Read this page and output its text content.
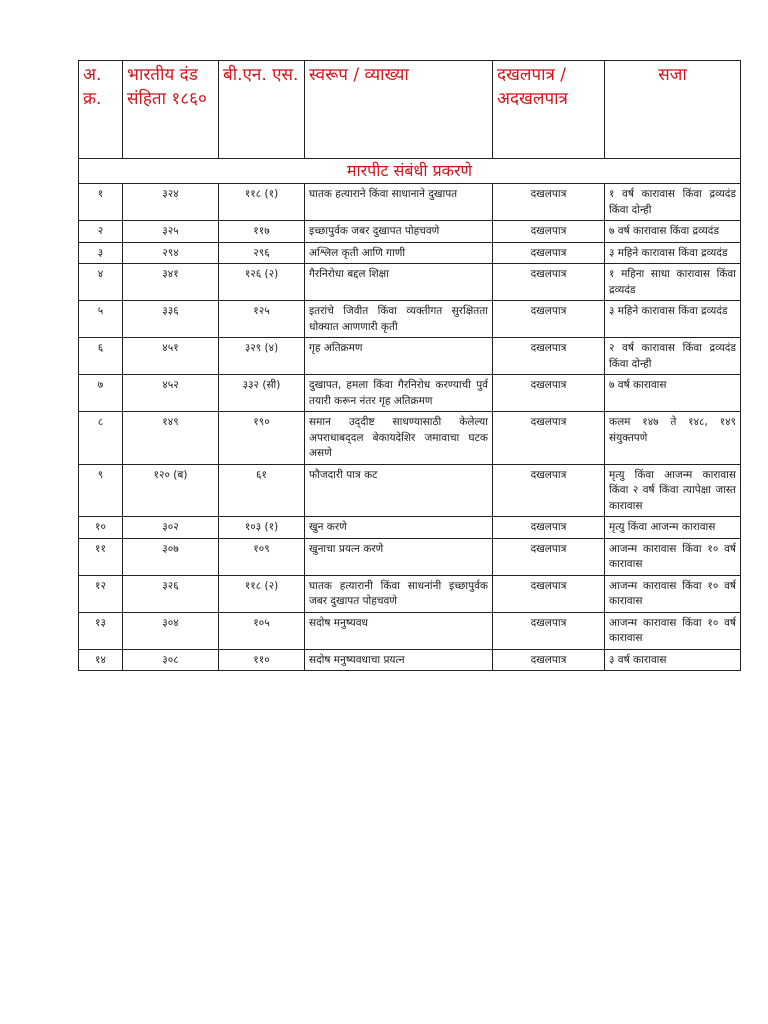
अ. क्र.	भारतीय दंड संहिता १८६०	बी.एन. एस.	स्वरूप / व्याख्या	दखलपात्र / अदखलपात्र	सजा
मारपीट संबंधी प्रकरणे					
१	३२४	११८ (१)	घातक हत्याराने किंवा साधानाने दुखापत	दखलपात्र	१ वर्ष कारावास किंवा द्रव्यदंड किंवा दोन्ही
२	३२५	११७	इच्छापुर्वक जबर दुखापत पोहचवणे	दखलपात्र	७ वर्ष कारावास किंवा द्रव्यदंड
३	२९४	२९६	अश्लिल कृती आणि गाणी	दखलपात्र	३ महिने कारावास किंवा द्रव्यदंड
४	३४१	१२६ (२)	गैरनिरोधा बद्दल शिक्षा	दखलपात्र	१ महिना साधा कारावास किंवा द्रव्यदंड
५	३३६	१२५	इतरांचे जिवीत किंवा व्यक्तीगत सुरक्षितता धोक्यात आणणारी कृती	दखलपात्र	३ महिने कारावास किंवा द्रव्यदंड
६	४५१	३२९ (४)	गृह अतिक्रमण	दखलपात्र	२ वर्ष कारावास किंवा द्रव्यदंड किंवा दोन्ही
७	४५२	३३२ (सी)	दुखापत, हमला किंवा गैरनिरोध करण्याची पुर्व तयारी करून नंतर गृह अतिक्रमण	दखलपात्र	७ वर्ष कारावास
८	१४९	१९०	समान उद्‌दीष्ट साधण्यासाठी केलेल्या अपराधाबद्‌दल बेकायदेशिर जमावाचा घटक असणे	दखलपात्र	कलम १४७ ते १४८, १४९ संयुक्तपणे
९	१२० (ब)	६१	फौजदारी पात्र कट	दखलपात्र	मृत्यु किंवा आजन्म कारावास किंवा २ वर्ष किंवा त्यापेक्षा जास्त कारावास
१०	३०२	१०३ (१)	खुन करणे	दखलपात्र	मृत्यु किंवा आजन्म कारावास
११	३०७	१०९	खुनाचा प्रयत्न करणे	दखलपात्र	आजन्म कारावास किंवा १० वर्ष कारावास
१२	३२६	११८ (२)	घातक हत्यारानी किंवा साधनांनी इच्छापुर्वक जबर दुखापत पोहचवणे	दखलपात्र	आजन्म कारावास किंवा १० वर्ष कारावास
१३	३०४	१०५	सदोष मनुष्यवध	दखलपात्र	आजन्म कारावास किंवा १० वर्ष कारावास
१४	३०८	११०	सदोष मनुष्यवधाचा प्रयत्न	दखलपात्र	३ वर्ष कारावास
